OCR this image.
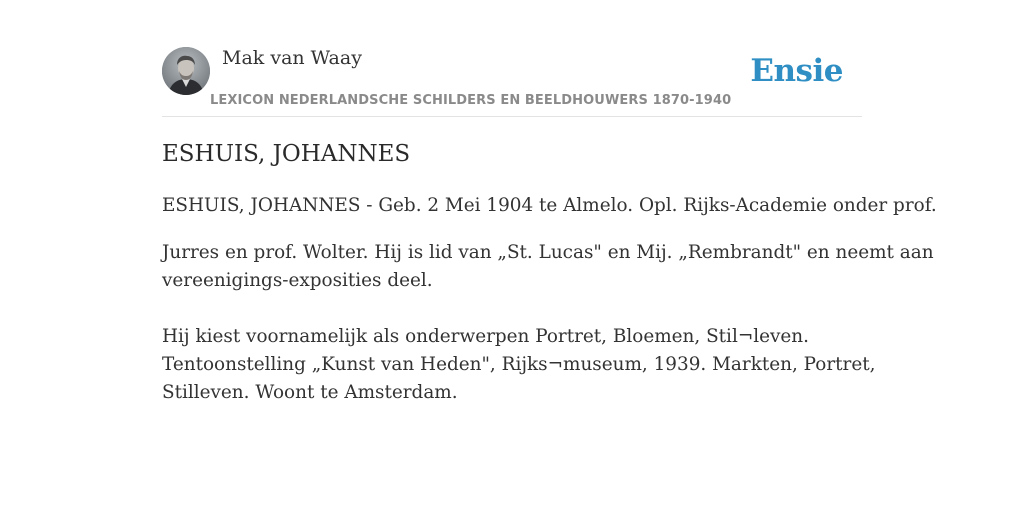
Mak van Waay
LEXICON NEDERLANDSCHE SCHILDERS EN BEELDHOUWERS 1870-1940
Ensie
ESHUIS, JOHANNES

ESHUIS, JOHANNES - Geb. 2 Mei 1904 te Almelo. Opl. Rijks-Academie onder prof.

Jurres en prof. Wolter. Hij is lid van „St. Lucas" en Mij. „Rembrandt" en neemt aan

vereenigings-exposities deel.

Hij kiest voornamelijk als onderwerpen Portret, Bloemen, Stil¬leven.

Tentoonstelling „Kunst van Heden", Rijks¬museum, 1939. Markten, Portret,

Stilleven. Woont te Amsterdam.
